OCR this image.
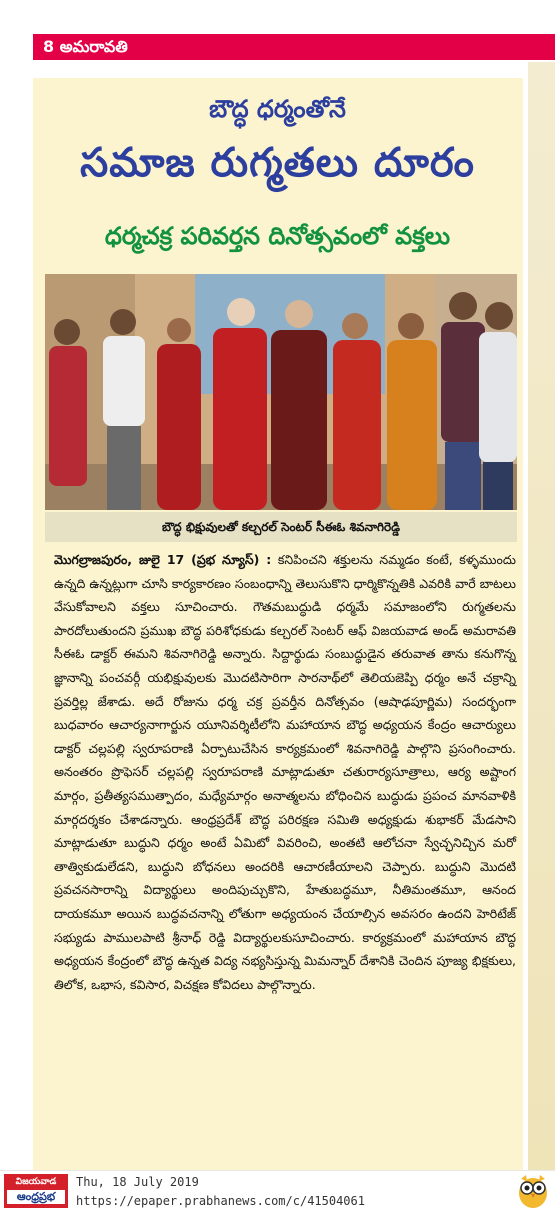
8 అమరావతి
బౌద్ధ ధర్మంతోనే
సమాజ రుగ్మతలు దూరం
ధర్మచక్ర పరివర్తన దినోత్సవంలో వక్తలు
బౌద్ధ భిక్షువులతో కల్చరల్ సెంటర్ సీఈఓ శివనాగిరెడ్డి
మొగల్రాజపురం, జులై 17 (ప్రభ న్యూస్) : కనిపించని శక్తులను నమ్మడం కంటే, కళ్ళముందు ఉన్నది ఉన్నట్లుగా చూసి కార్యకారణం సంబంధాన్ని తెలుసుకొని ధార్మికొన్నతికి ఎవరికి వారే బాటలు వేసుకోవాలని వక్తలు సూచించారు. గౌతమబుద్ధుడి ధర్మమే సమాజంలోని రుగ్మతలను పారదోలుతుందని ప్రముఖ బౌద్ధ పరిశోధకుడు కల్చరల్ సెంటర్ ఆఫ్ విజయవాడ అండ్ అమరావతి సీఈఓ డాక్టర్ ఈమని శివనాగిరెడ్డి అన్నారు. సిద్దార్థుడు సంబుద్ధుడైన తరువాత తాను కనుగొన్న జ్ఞానాన్ని పంచవర్గీ యభిక్షువులకు మొదటిసారిగా సారనాథ్‌లో తెలియజెప్పి ధర్మం అనే చక్రాన్ని ప్రవర్తిల్ల జేశాడు. అదే రోజును ధర్మ చక్ర ప్రవర్తీన దినోత్సవం (ఆషాఢపూర్ణిమ) సందర్భంగా బుధవారం ఆచార్యనాగార్జున యూనివర్శిటీలోని మహాయాన బౌద్ధ అధ్యయన కేంద్రం ఆచార్యులు డాక్టర్ చల్లపల్లి స్వరూపరాణి ఏర్పాటుచేసిన కార్యక్రమంలో శివనాగిరెడ్డి పాల్గొని ప్రసంగించారు. అనంతరం ప్రొఫెసర్ చల్లపల్లి స్వరూపరాణి మాట్లాడుతూ చతురార్యసూత్రాలు, ఆర్య అష్టాంగ మార్గం, ప్రతీత్యసముత్పాదం, మధ్యేమార్గం అనాత్మలను బోధించిన బుద్ధుడు ప్రపంచ మానవాళికి మార్గదర్శకం చేశాడన్నారు. ఆంధ్రప్రదేశ్ బౌద్ధ పరిరక్షణ సమితి అధ్యక్షుడు శుభాకర్ మేడసాని మాట్లాడుతూ బుద్ధుని ధర్మం అంటే ఏమిటో వివరించి, అంతటి ఆలోచనా స్వేచ్ఛనిచ్చిన మరో తాత్వికుడులేడని, బుద్ధుని బోధనలు అందరికి ఆచారణీయాలని చెప్పారు. బుద్ధుని మొదటి ప్రవచనసారాన్ని విద్యార్థులు అందిపుచ్చుకొని, హేతుబద్ధమూ, నీతిమంతమూ, ఆనంద దాయకమూ అయిన బుద్ధవచనాన్ని లోతుగా అధ్యయంన చేయాల్సిన అవసరం ఉందని హెరిటేజ్ సభ్యుడు పాములపాటి శ్రీనాధ్ రెడ్డి విద్యార్థులకుసూచించారు. కార్యక్రమంలో మహాయాన బౌద్ధ అధ్యయన కేంద్రంలో బౌద్ధ ఉన్నత విద్య నభ్యసిస్తున్న మిమన్నార్ దేశానికి చెందిన పూజ్య భిక్షకులు, తిలోక, ఒభాస, కవిసార, విచక్షణ కోవిదలు పాల్గొన్నారు.
విజయవాడ
ఆంధ్రప్రభ
Thu, 18 July 2019
https://epaper.prabhanews.com/c/41504061
